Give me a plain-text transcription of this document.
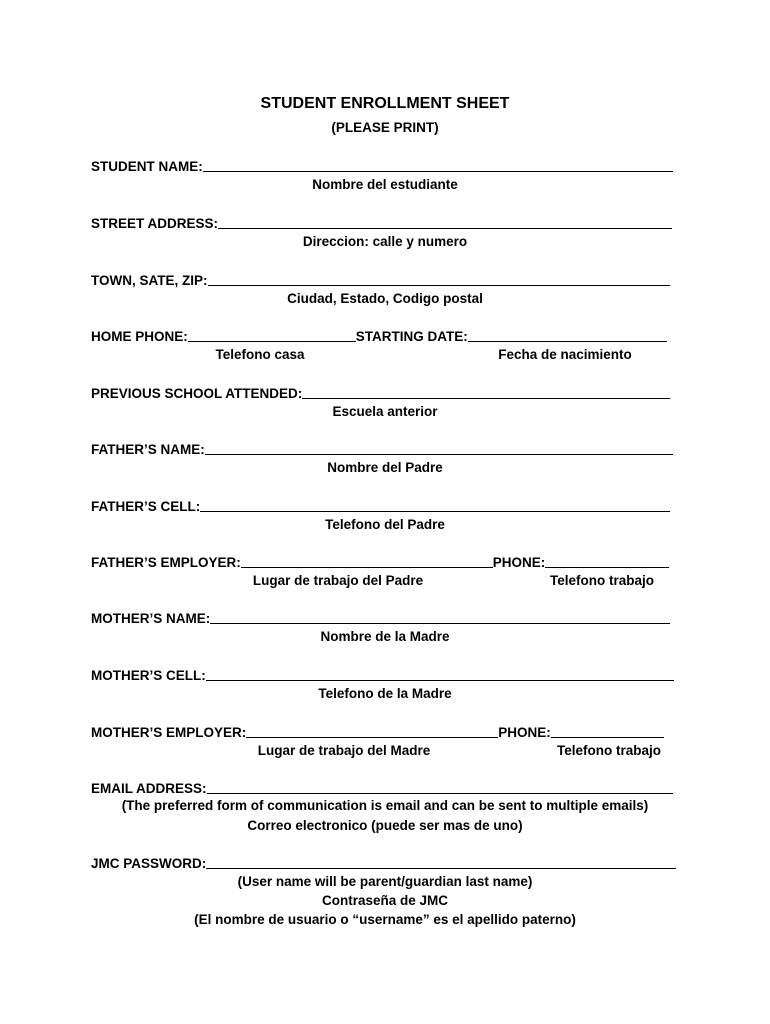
STUDENT ENROLLMENT SHEET
(PLEASE PRINT)
STUDENT NAME:
Nombre del estudiante
STREET ADDRESS:
Direccion: calle y numero
TOWN, SATE, ZIP:
Ciudad, Estado, Codigo postal
HOME PHONE:	STARTING DATE:
Telefono casa	Fecha de nacimiento
PREVIOUS SCHOOL ATTENDED:
Escuela anterior
FATHER’S NAME:
Nombre del Padre
FATHER’S CELL:
Telefono del Padre
FATHER’S EMPLOYER:	PHONE:
Lugar de trabajo del Padre	Telefono trabajo
MOTHER’S NAME:
Nombre de la Madre
MOTHER’S CELL:
Telefono de la Madre
MOTHER’S EMPLOYER:	PHONE:
Lugar de trabajo del Madre	Telefono trabajo
EMAIL ADDRESS:
(The preferred form of communication is email and can be sent to multiple emails)
Correo electronico (puede ser mas de uno)
JMC PASSWORD:
(User name will be parent/guardian last name)
Contraseña de JMC
(El nombre de usuario o “username” es el apellido paterno)
